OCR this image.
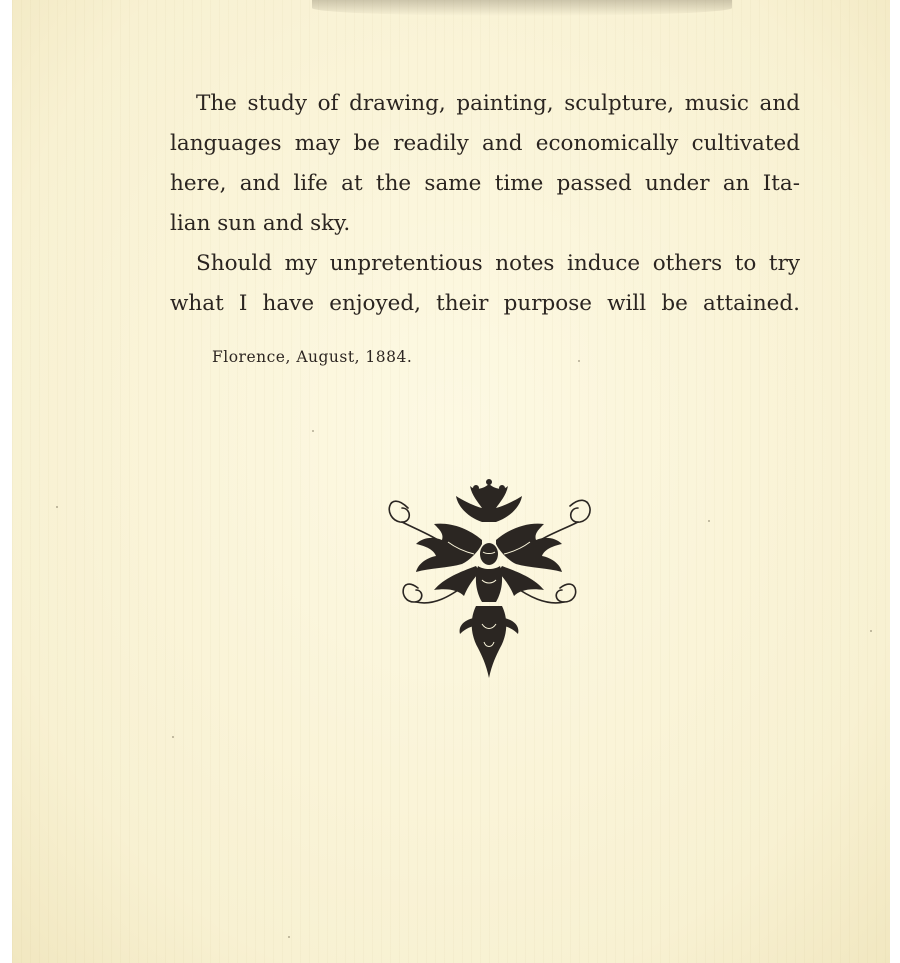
The study of drawing, painting, sculpture, music and
languages may be readily and economically cultivated
here, and life at the same time passed under an Ita-
lian sun and sky.

Should my unpretentious notes induce others to try
what I have enjoyed, their purpose will be attained.

Florence, August, 1884.
